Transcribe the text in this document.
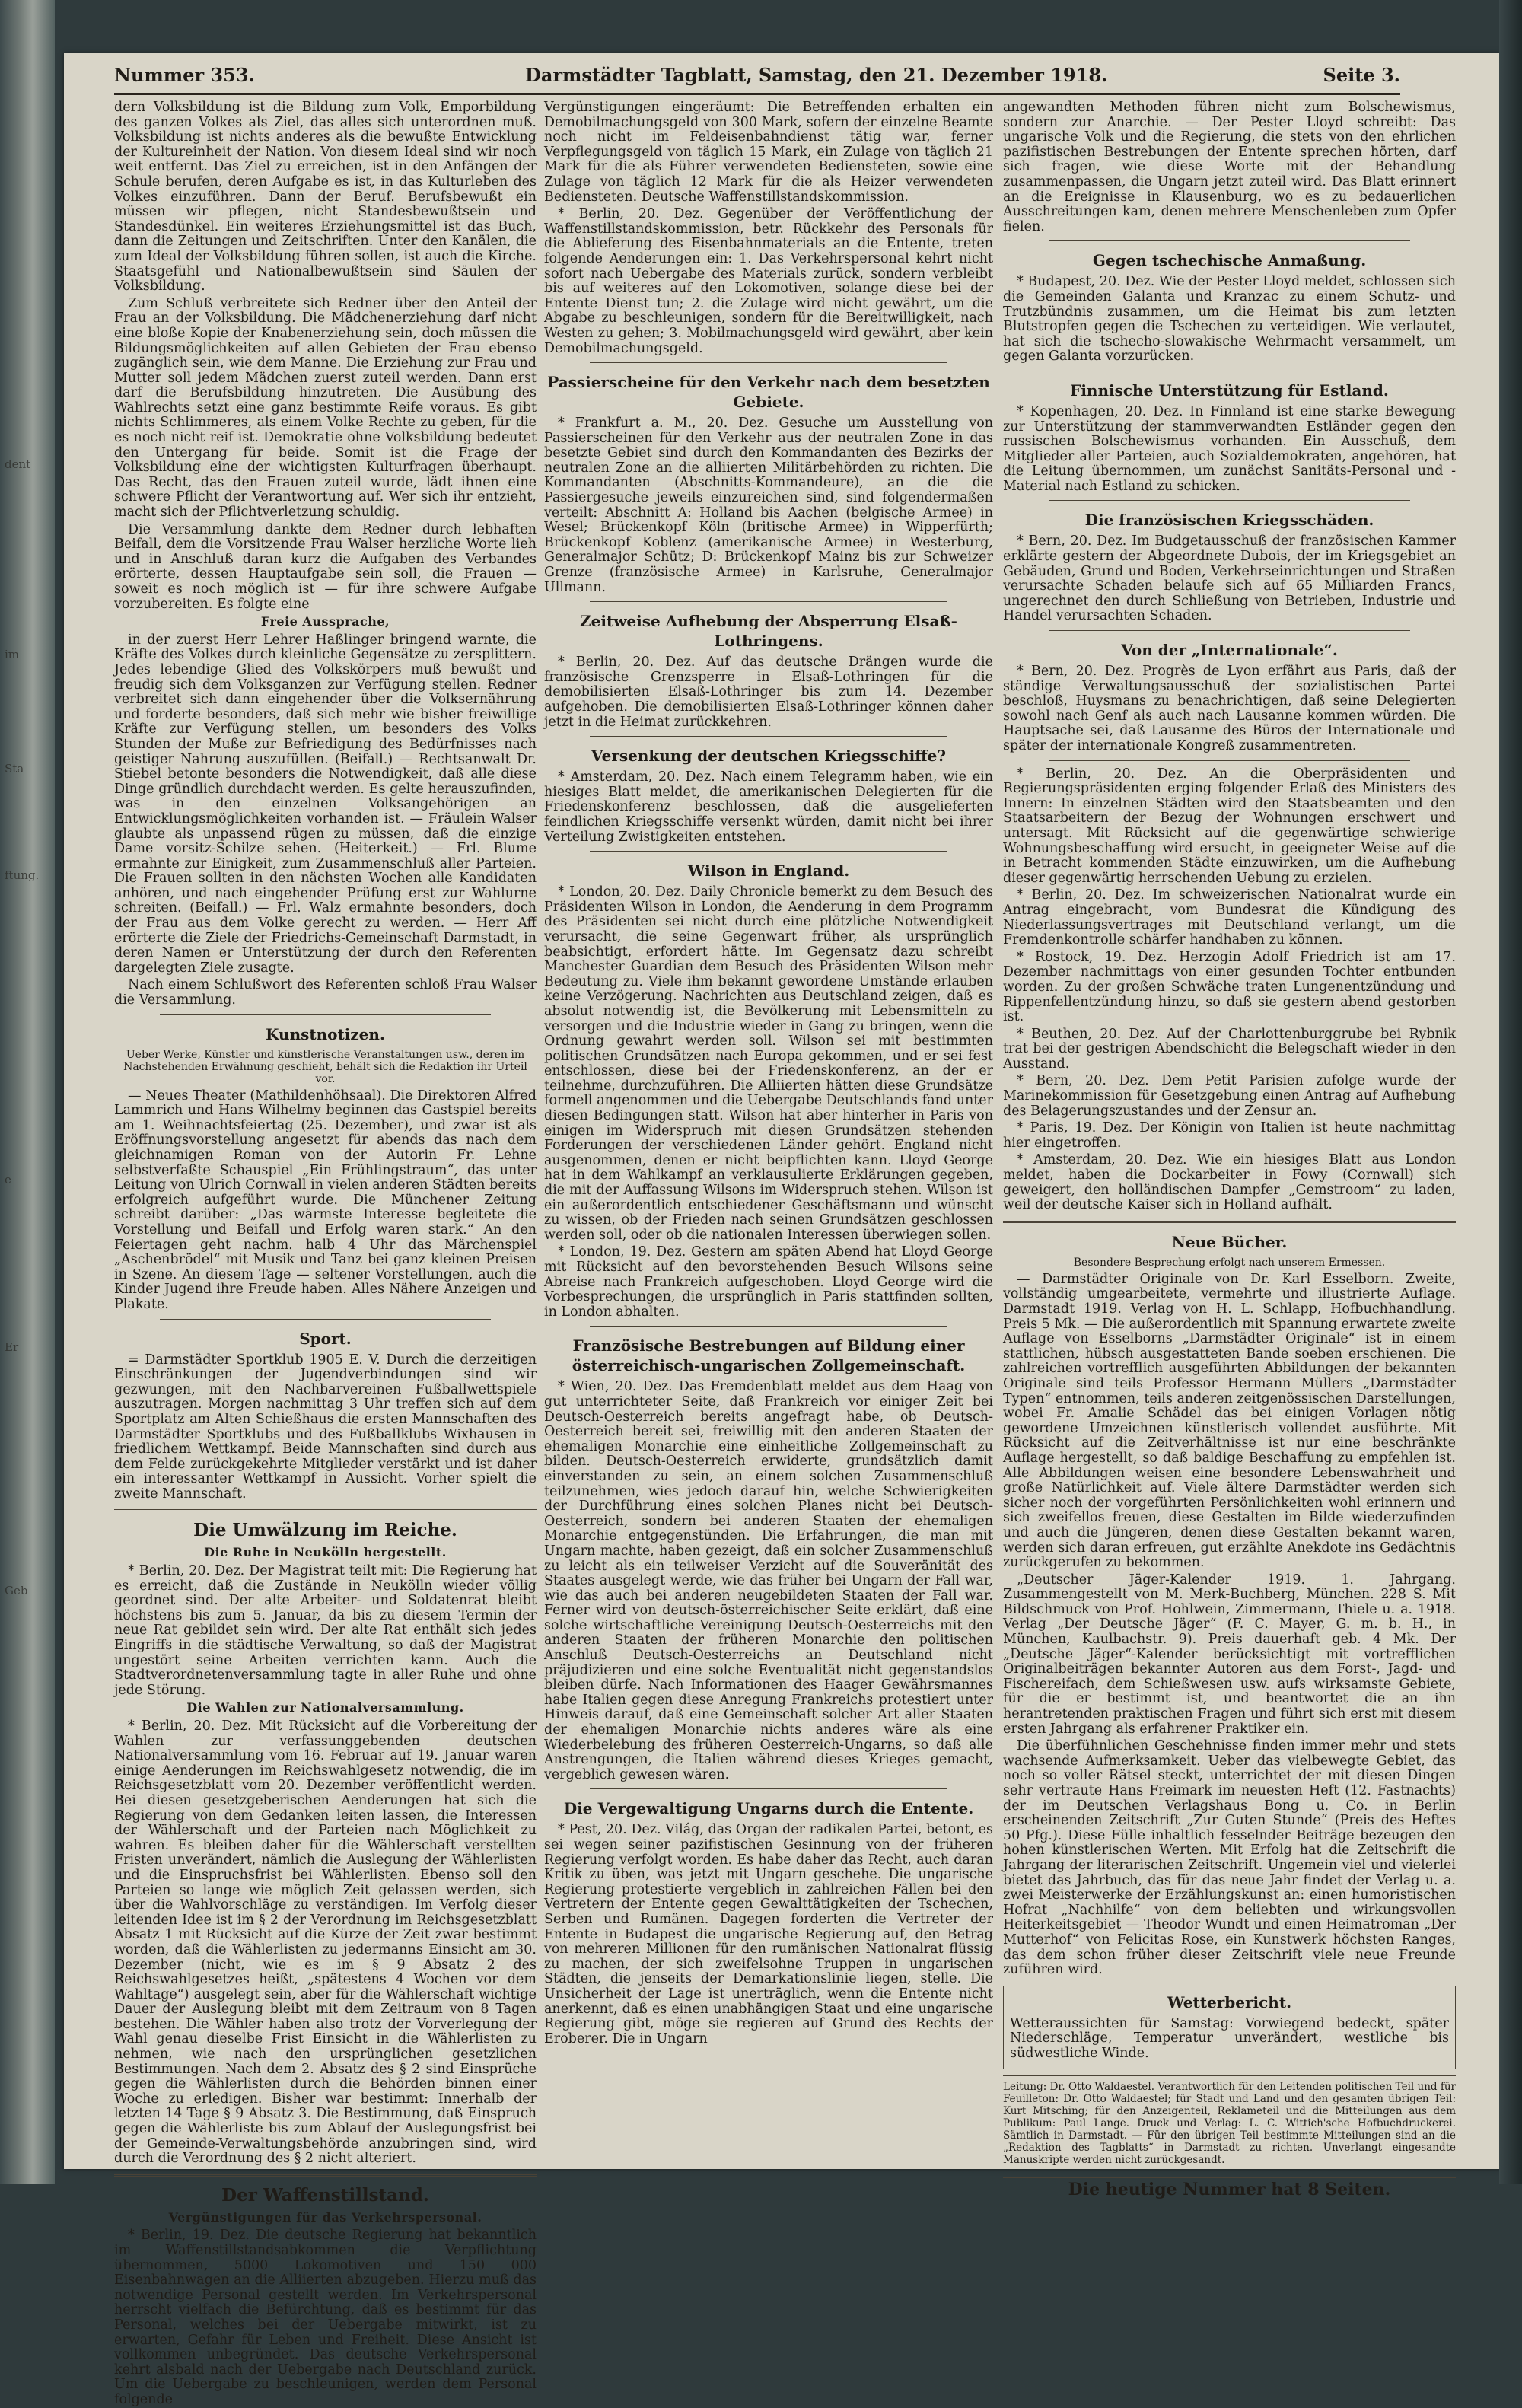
dent
im
Sta
ftung.
e
Er
Geb
Nummer 353.	Darmstädter Tagblatt, Samstag, den 21. Dezember 1918.	Seite 3.

dern Volksbildung ist die Bildung zum Volk, Emporbildung des ganzen Volkes als Ziel, das alles sich unterordnen muß. Volksbildung ist nichts anderes als die bewußte Entwicklung der Kultureinheit der Nation. Von diesem Ideal sind wir noch weit entfernt. Das Ziel zu erreichen, ist in den Anfängen der Schule berufen, deren Aufgabe es ist, in das Kulturleben des Volkes einzuführen. Dann der Beruf. Berufsbewußt ein müssen wir pflegen, nicht Standesbewußtsein und Standesdünkel. Ein weiteres Erziehungsmittel ist das Buch, dann die Zeitungen und Zeitschriften. Unter den Kanälen, die zum Ideal der Volksbildung führen sollen, ist auch die Kirche. Staatsgefühl und Nationalbewußtsein sind Säulen der Volksbildung.

Zum Schluß verbreitete sich Redner über den Anteil der Frau an der Volksbildung. Die Mädchenerziehung darf nicht eine bloße Kopie der Knabenerziehung sein, doch müssen die Bildungsmöglichkeiten auf allen Gebieten der Frau ebenso zugänglich sein, wie dem Manne. Die Erziehung zur Frau und Mutter soll jedem Mädchen zuerst zuteil werden. Dann erst darf die Berufsbildung hinzutreten. Die Ausübung des Wahlrechts setzt eine ganz bestimmte Reife voraus. Es gibt nichts Schlimmeres, als einem Volke Rechte zu geben, für die es noch nicht reif ist. Demokratie ohne Volksbildung bedeutet den Untergang für beide. Somit ist die Frage der Volksbildung eine der wichtigsten Kulturfragen überhaupt. Das Recht, das den Frauen zuteil wurde, lädt ihnen eine schwere Pflicht der Verantwortung auf. Wer sich ihr entzieht, macht sich der Pflichtverletzung schuldig.

Die Versammlung dankte dem Redner durch lebhaften Beifall, dem die Vorsitzende Frau Walser herzliche Worte lieh und in Anschluß daran kurz die Aufgaben des Verbandes erörterte, dessen Hauptaufgabe sein soll, die Frauen — soweit es noch möglich ist — für ihre schwere Aufgabe vorzubereiten. Es folgte eine

Freie Aussprache,

in der zuerst Herr Lehrer Haßlinger bringend warnte, die Kräfte des Volkes durch kleinliche Gegensätze zu zersplittern. Jedes lebendige Glied des Volkskörpers muß bewußt und freudig sich dem Volksganzen zur Verfügung stellen. Redner verbreitet sich dann eingehender über die Volksernährung und forderte besonders, daß sich mehr wie bisher freiwillige Kräfte zur Verfügung stellen, um besonders des Volks Stunden der Muße zur Befriedigung des Bedürfnisses nach geistiger Nahrung auszufüllen. (Beifall.) — Rechtsanwalt Dr. Stiebel betonte besonders die Notwendigkeit, daß alle diese Dinge gründlich durchdacht werden. Es gelte herauszufinden, was in den einzelnen Volksangehörigen an Entwicklungsmöglichkeiten vorhanden ist. — Fräulein Walser glaubte als unpassend rügen zu müssen, daß die einzige Dame vorsitz-Schilze sehen. (Heiterkeit.) — Frl. Blume ermahnte zur Einigkeit, zum Zusammenschluß aller Parteien. Die Frauen sollten in den nächsten Wochen alle Kandidaten anhören, und nach eingehender Prüfung erst zur Wahlurne schreiten. (Beifall.) — Frl. Walz ermahnte besonders, doch der Frau aus dem Volke gerecht zu werden. — Herr Aff erörterte die Ziele der Friedrichs-Gemeinschaft Darmstadt, in deren Namen er Unterstützung der durch den Referenten dargelegten Ziele zusagte.

Nach einem Schlußwort des Referenten schloß Frau Walser die Versammlung.

Kunstnotizen.
Ueber Werke, Künstler und künstlerische Veranstaltungen usw., deren im Nachstehenden Erwähnung geschieht, behält sich die Redaktion ihr Urteil vor.

— Neues Theater (Mathildenhöhsaal). Die Direktoren Alfred Lammrich und Hans Wilhelmy beginnen das Gastspiel bereits am 1. Weihnachtsfeiertag (25. Dezember), und zwar ist als Eröffnungsvorstellung angesetzt für abends das nach dem gleichnamigen Roman von der Autorin Fr. Lehne selbstverfaßte Schauspiel „Ein Frühlingstraum“, das unter Leitung von Ulrich Cornwall in vielen anderen Städten bereits erfolgreich aufgeführt wurde. Die Münchener Zeitung schreibt darüber: „Das wärmste Interesse begleitete die Vorstellung und Beifall und Erfolg waren stark.“ An den Feiertagen geht nachm. halb 4 Uhr das Märchenspiel „Aschenbrödel“ mit Musik und Tanz bei ganz kleinen Preisen in Szene. An diesem Tage — seltener Vorstellungen, auch die Kinder Jugend ihre Freude haben. Alles Nähere Anzeigen und Plakate.

Sport.

= Darmstädter Sportklub 1905 E. V. Durch die derzeitigen Einschränkungen der Jugendverbindungen sind wir gezwungen, mit den Nachbarvereinen Fußballwettspiele auszutragen. Morgen nachmittag 3 Uhr treffen sich auf dem Sportplatz am Alten Schießhaus die ersten Mannschaften des Darmstädter Sportklubs und des Fußballklubs Wixhausen in friedlichem Wettkampf. Beide Mannschaften sind durch aus dem Felde zurückgekehrte Mitglieder verstärkt und ist daher ein interessanter Wettkampf in Aussicht. Vorher spielt die zweite Mannschaft.

Die Umwälzung im Reiche.
Die Ruhe in Neukölln hergestellt.

* Berlin, 20. Dez. Der Magistrat teilt mit: Die Regierung hat es erreicht, daß die Zustände in Neukölln wieder völlig geordnet sind. Der alte Arbeiter- und Soldatenrat bleibt höchstens bis zum 5. Januar, da bis zu diesem Termin der neue Rat gebildet sein wird. Der alte Rat enthält sich jedes Eingriffs in die städtische Verwaltung, so daß der Magistrat ungestört seine Arbeiten verrichten kann. Auch die Stadtverordnetenversammlung tagte in aller Ruhe und ohne jede Störung.

Die Wahlen zur Nationalversammlung.

* Berlin, 20. Dez. Mit Rücksicht auf die Vorbereitung der Wahlen zur verfassunggebenden deutschen Nationalversammlung vom 16. Februar auf 19. Januar waren einige Aenderungen im Reichswahlgesetz notwendig, die im Reichsgesetzblatt vom 20. Dezember veröffentlicht werden. Bei diesen gesetzgeberischen Aenderungen hat sich die Regierung von dem Gedanken leiten lassen, die Interessen der Wählerschaft und der Parteien nach Möglichkeit zu wahren. Es bleiben daher für die Wählerschaft verstellten Fristen unverändert, nämlich die Auslegung der Wählerlisten und die Einspruchsfrist bei Wählerlisten. Ebenso soll den Parteien so lange wie möglich Zeit gelassen werden, sich über die Wahlvorschläge zu verständigen. Im Verfolg dieser leitenden Idee ist im § 2 der Verordnung im Reichsgesetzblatt Absatz 1 mit Rücksicht auf die Kürze der Zeit zwar bestimmt worden, daß die Wählerlisten zu jedermanns Einsicht am 30. Dezember (nicht, wie es im § 9 Absatz 2 des Reichswahlgesetzes heißt, „spätestens 4 Wochen vor dem Wahltage“) ausgelegt sein, aber für die Wählerschaft wichtige Dauer der Auslegung bleibt mit dem Zeitraum von 8 Tagen bestehen. Die Wähler haben also trotz der Vorverlegung der Wahl genau dieselbe Frist Einsicht in die Wählerlisten zu nehmen, wie nach den ursprünglichen gesetzlichen Bestimmungen. Nach dem 2. Absatz des § 2 sind Einsprüche gegen die Wählerlisten durch die Behörden binnen einer Woche zu erledigen. Bisher war bestimmt: Innerhalb der letzten 14 Tage § 9 Absatz 3. Die Bestimmung, daß Einspruch gegen die Wählerliste bis zum Ablauf der Auslegungsfrist bei der Gemeinde-Verwaltungsbehörde anzubringen sind, wird durch die Verordnung des § 2 nicht alteriert.

Der Waffenstillstand.
Vergünstigungen für das Verkehrspersonal.

* Berlin, 19. Dez. Die deutsche Regierung hat bekanntlich im Waffenstillstandsabkommen die Verpflichtung übernommen, 5000 Lokomotiven und 150 000 Eisenbahnwagen an die Alliierten abzugeben. Hierzu muß das notwendige Personal gestellt werden. Im Verkehrspersonal herrscht vielfach die Befürchtung, daß es bestimmt für das Personal, welches bei der Uebergabe mitwirkt, ist zu erwarten, Gefahr für Leben und Freiheit. Diese Ansicht ist vollkommen unbegründet. Das deutsche Verkehrspersonal kehrt alsbald nach der Uebergabe nach Deutschland zurück. Um die Uebergabe zu beschleunigen, werden dem Personal folgende

Vergünstigungen eingeräumt: Die Betreffenden erhalten ein Demobilmachungsgeld von 300 Mark, sofern der einzelne Beamte noch nicht im Feldeisenbahndienst tätig war, ferner Verpflegungsgeld von täglich 15 Mark, ein Zulage von täglich 21 Mark für die als Führer verwendeten Bediensteten, sowie eine Zulage von täglich 12 Mark für die als Heizer verwendeten Bediensteten. Deutsche Waffenstillstandskommission.

* Berlin, 20. Dez. Gegenüber der Veröffentlichung der Waffenstillstandskommission, betr. Rückkehr des Personals für die Ablieferung des Eisenbahnmaterials an die Entente, treten folgende Aenderungen ein: 1. Das Verkehrspersonal kehrt nicht sofort nach Uebergabe des Materials zurück, sondern verbleibt bis auf weiteres auf den Lokomotiven, solange diese bei der Entente Dienst tun; 2. die Zulage wird nicht gewährt, um die Abgabe zu beschleunigen, sondern für die Bereitwilligkeit, nach Westen zu gehen; 3. Mobilmachungsgeld wird gewährt, aber kein Demobilmachungsgeld.

Passierscheine für den Verkehr nach dem besetzten Gebiete.

* Frankfurt a. M., 20. Dez. Gesuche um Ausstellung von Passierscheinen für den Verkehr aus der neutralen Zone in das besetzte Gebiet sind durch den Kommandanten des Bezirks der neutralen Zone an die alliierten Militärbehörden zu richten. Die Kommandanten (Abschnitts-Kommandeure), an die die Passiergesuche jeweils einzureichen sind, sind folgendermaßen verteilt: Abschnitt A: Holland bis Aachen (belgische Armee) in Wesel; Brückenkopf Köln (britische Armee) in Wipperfürth; Brückenkopf Koblenz (amerikanische Armee) in Westerburg, Generalmajor Schütz; D: Brückenkopf Mainz bis zur Schweizer Grenze (französische Armee) in Karlsruhe, Generalmajor Ullmann.

Zeitweise Aufhebung der Absperrung Elsaß-Lothringens.

* Berlin, 20. Dez. Auf das deutsche Drängen wurde die französische Grenzsperre in Elsaß-Lothringen für die demobilisierten Elsaß-Lothringer bis zum 14. Dezember aufgehoben. Die demobilisierten Elsaß-Lothringer können daher jetzt in die Heimat zurückkehren.

Versenkung der deutschen Kriegsschiffe?

* Amsterdam, 20. Dez. Nach einem Telegramm haben, wie ein hiesiges Blatt meldet, die amerikanischen Delegierten für die Friedenskonferenz beschlossen, daß die ausgelieferten feindlichen Kriegsschiffe versenkt würden, damit nicht bei ihrer Verteilung Zwistigkeiten entstehen.

Wilson in England.

* London, 20. Dez. Daily Chronicle bemerkt zu dem Besuch des Präsidenten Wilson in London, die Aenderung in dem Programm des Präsidenten sei nicht durch eine plötzliche Notwendigkeit verursacht, die seine Gegenwart früher, als ursprünglich beabsichtigt, erfordert hätte. Im Gegensatz dazu schreibt Manchester Guardian dem Besuch des Präsidenten Wilson mehr Bedeutung zu. Viele ihm bekannt gewordene Umstände erlauben keine Verzögerung. Nachrichten aus Deutschland zeigen, daß es absolut notwendig ist, die Bevölkerung mit Lebensmitteln zu versorgen und die Industrie wieder in Gang zu bringen, wenn die Ordnung gewahrt werden soll. Wilson sei mit bestimmten politischen Grundsätzen nach Europa gekommen, und er sei fest entschlossen, diese bei der Friedenskonferenz, an der er teilnehme, durchzuführen. Die Alliierten hätten diese Grundsätze formell angenommen und die Uebergabe Deutschlands fand unter diesen Bedingungen statt. Wilson hat aber hinterher in Paris von einigen im Widerspruch mit diesen Grundsätzen stehenden Forderungen der verschiedenen Länder gehört. England nicht ausgenommen, denen er nicht beipflichten kann. Lloyd George hat in dem Wahlkampf an verklausulierte Erklärungen gegeben, die mit der Auffassung Wilsons im Widerspruch stehen. Wilson ist ein außerordentlich entschiedener Geschäftsmann und wünscht zu wissen, ob der Frieden nach seinen Grundsätzen geschlossen werden soll, oder ob die nationalen Interessen überwiegen sollen.

* London, 19. Dez. Gestern am späten Abend hat Lloyd George mit Rücksicht auf den bevorstehenden Besuch Wilsons seine Abreise nach Frankreich aufgeschoben. Lloyd George wird die Vorbesprechungen, die ursprünglich in Paris stattfinden sollten, in London abhalten.

Französische Bestrebungen auf Bildung einer österreichisch-ungarischen Zollgemeinschaft.

* Wien, 20. Dez. Das Fremdenblatt meldet aus dem Haag von gut unterrichteter Seite, daß Frankreich vor einiger Zeit bei Deutsch-Oesterreich bereits angefragt habe, ob Deutsch-Oesterreich bereit sei, freiwillig mit den anderen Staaten der ehemaligen Monarchie eine einheitliche Zollgemeinschaft zu bilden. Deutsch-Oesterreich erwiderte, grundsätzlich damit einverstanden zu sein, an einem solchen Zusammenschluß teilzunehmen, wies jedoch darauf hin, welche Schwierigkeiten der Durchführung eines solchen Planes nicht bei Deutsch-Oesterreich, sondern bei anderen Staaten der ehemaligen Monarchie entgegenstünden. Die Erfahrungen, die man mit Ungarn machte, haben gezeigt, daß ein solcher Zusammenschluß zu leicht als ein teilweiser Verzicht auf die Souveränität des Staates ausgelegt werde, wie das früher bei Ungarn der Fall war, wie das auch bei anderen neugebildeten Staaten der Fall war. Ferner wird von deutsch-österreichischer Seite erklärt, daß eine solche wirtschaftliche Vereinigung Deutsch-Oesterreichs mit den anderen Staaten der früheren Monarchie den politischen Anschluß Deutsch-Oesterreichs an Deutschland nicht präjudizieren und eine solche Eventualität nicht gegenstandslos bleiben dürfe. Nach Informationen des Haager Gewährsmannes habe Italien gegen diese Anregung Frankreichs protestiert unter Hinweis darauf, daß eine Gemeinschaft solcher Art aller Staaten der ehemaligen Monarchie nichts anderes wäre als eine Wiederbelebung des früheren Oesterreich-Ungarns, so daß alle Anstrengungen, die Italien während dieses Krieges gemacht, vergeblich gewesen wären.

Die Vergewaltigung Ungarns durch die Entente.

* Pest, 20. Dez. Világ, das Organ der radikalen Partei, betont, es sei wegen seiner pazifistischen Gesinnung von der früheren Regierung verfolgt worden. Es habe daher das Recht, auch daran Kritik zu üben, was jetzt mit Ungarn geschehe. Die ungarische Regierung protestierte vergeblich in zahlreichen Fällen bei den Vertretern der Entente gegen Gewalttätigkeiten der Tschechen, Serben und Rumänen. Dagegen forderten die Vertreter der Entente in Budapest die ungarische Regierung auf, den Betrag von mehreren Millionen für den rumänischen Nationalrat flüssig zu machen, der sich zweifelsohne Truppen in ungarischen Städten, die jenseits der Demarkationslinie liegen, stelle. Die Unsicherheit der Lage ist unerträglich, wenn die Entente nicht anerkennt, daß es einen unabhängigen Staat und eine ungarische Regierung gibt, möge sie regieren auf Grund des Rechts der Eroberer. Die in Ungarn

angewandten Methoden führen nicht zum Bolschewismus, sondern zur Anarchie. — Der Pester Lloyd schreibt: Das ungarische Volk und die Regierung, die stets von den ehrlichen pazifistischen Bestrebungen der Entente sprechen hörten, darf sich fragen, wie diese Worte mit der Behandlung zusammenpassen, die Ungarn jetzt zuteil wird. Das Blatt erinnert an die Ereignisse in Klausenburg, wo es zu bedauerlichen Ausschreitungen kam, denen mehrere Menschenleben zum Opfer fielen.

Gegen tschechische Anmaßung.

* Budapest, 20. Dez. Wie der Pester Lloyd meldet, schlossen sich die Gemeinden Galanta und Kranzac zu einem Schutz- und Trutzbündnis zusammen, um die Heimat bis zum letzten Blutstropfen gegen die Tschechen zu verteidigen. Wie verlautet, hat sich die tschecho-slowakische Wehrmacht versammelt, um gegen Galanta vorzurücken.

Finnische Unterstützung für Estland.

* Kopenhagen, 20. Dez. In Finnland ist eine starke Bewegung zur Unterstützung der stammverwandten Estländer gegen den russischen Bolschewismus vorhanden. Ein Ausschuß, dem Mitglieder aller Parteien, auch Sozialdemokraten, angehören, hat die Leitung übernommen, um zunächst Sanitäts-Personal und -Material nach Estland zu schicken.

Die französischen Kriegsschäden.

* Bern, 20. Dez. Im Budgetausschuß der französischen Kammer erklärte gestern der Abgeordnete Dubois, der im Kriegsgebiet an Gebäuden, Grund und Boden, Verkehrseinrichtungen und Straßen verursachte Schaden belaufe sich auf 65 Milliarden Francs, ungerechnet den durch Schließung von Betrieben, Industrie und Handel verursachten Schaden.

Von der „Internationale“.

* Bern, 20. Dez. Progrès de Lyon erfährt aus Paris, daß der ständige Verwaltungsausschuß der sozialistischen Partei beschloß, Huysmans zu benachrichtigen, daß seine Delegierten sowohl nach Genf als auch nach Lausanne kommen würden. Die Hauptsache sei, daß Lausanne des Büros der Internationale und später der internationale Kongreß zusammentreten.

* Berlin, 20. Dez. An die Oberpräsidenten und Regierungspräsidenten erging folgender Erlaß des Ministers des Innern: In einzelnen Städten wird den Staatsbeamten und den Staatsarbeitern der Bezug der Wohnungen erschwert und untersagt. Mit Rücksicht auf die gegenwärtige schwierige Wohnungsbeschaffung wird ersucht, in geeigneter Weise auf die in Betracht kommenden Städte einzuwirken, um die Aufhebung dieser gegenwärtig herrschenden Uebung zu erzielen.

* Berlin, 20. Dez. Im schweizerischen Nationalrat wurde ein Antrag eingebracht, vom Bundesrat die Kündigung des Niederlassungsvertrages mit Deutschland verlangt, um die Fremdenkontrolle schärfer handhaben zu können.

* Rostock, 19. Dez. Herzogin Adolf Friedrich ist am 17. Dezember nachmittags von einer gesunden Tochter entbunden worden. Zu der großen Schwäche traten Lungenentzündung und Rippenfellentzündung hinzu, so daß sie gestern abend gestorben ist.

* Beuthen, 20. Dez. Auf der Charlottenburggrube bei Rybnik trat bei der gestrigen Abendschicht die Belegschaft wieder in den Ausstand.

* Bern, 20. Dez. Dem Petit Parisien zufolge wurde der Marinekommission für Gesetzgebung einen Antrag auf Aufhebung des Belagerungszustandes und der Zensur an.

* Paris, 19. Dez. Der Königin von Italien ist heute nachmittag hier eingetroffen.

* Amsterdam, 20. Dez. Wie ein hiesiges Blatt aus London meldet, haben die Dockarbeiter in Fowy (Cornwall) sich geweigert, den holländischen Dampfer „Gemstroom“ zu laden, weil der deutsche Kaiser sich in Holland aufhält.

Neue Bücher.
Besondere Besprechung erfolgt nach unserem Ermessen.

— Darmstädter Originale von Dr. Karl Esselborn. Zweite, vollständig umgearbeitete, vermehrte und illustrierte Auflage. Darmstadt 1919. Verlag von H. L. Schlapp, Hofbuchhandlung. Preis 5 Mk. — Die außerordentlich mit Spannung erwartete zweite Auflage von Esselborns „Darmstädter Originale“ ist in einem stattlichen, hübsch ausgestatteten Bande soeben erschienen. Die zahlreichen vortrefflich ausgeführten Abbildungen der bekannten Originale sind teils Professor Hermann Müllers „Darmstädter Typen“ entnommen, teils anderen zeitgenössischen Darstellungen, wobei Fr. Amalie Schädel das bei einigen Vorlagen nötig gewordene Umzeichnen künstlerisch vollendet ausführte. Mit Rücksicht auf die Zeitverhältnisse ist nur eine beschränkte Auflage hergestellt, so daß baldige Beschaffung zu empfehlen ist. Alle Abbildungen weisen eine besondere Lebenswahrheit und große Natürlichkeit auf. Viele ältere Darmstädter werden sich sicher noch der vorgeführten Persönlichkeiten wohl erinnern und sich zweifellos freuen, diese Gestalten im Bilde wiederzufinden und auch die Jüngeren, denen diese Gestalten bekannt waren, werden sich daran erfreuen, gut erzählte Anekdote ins Gedächtnis zurückgerufen zu bekommen.

„Deutscher Jäger-Kalender 1919. 1. Jahrgang. Zusammengestellt von M. Merk-Buchberg, München. 228 S. Mit Bildschmuck von Prof. Hohlwein, Zimmermann, Thiele u. a. 1918. Verlag „Der Deutsche Jäger“ (F. C. Mayer, G. m. b. H., in München, Kaulbachstr. 9). Preis dauerhaft geb. 4 Mk. Der „Deutsche Jäger“-Kalender berücksichtigt mit vortrefflichen Originalbeiträgen bekannter Autoren aus dem Forst-, Jagd- und Fischereifach, dem Schießwesen usw. aufs wirksamste Gebiete, für die er bestimmt ist, und beantwortet die an ihn herantretenden praktischen Fragen und führt sich erst mit diesem ersten Jahrgang als erfahrener Praktiker ein.

Die überfühnlichen Geschehnisse finden immer mehr und stets wachsende Aufmerksamkeit. Ueber das vielbewegte Gebiet, das noch so voller Rätsel steckt, unterrichtet der mit diesen Dingen sehr vertraute Hans Freimark im neuesten Heft (12. Fastnachts) der im Deutschen Verlagshaus Bong u. Co. in Berlin erscheinenden Zeitschrift „Zur Guten Stunde“ (Preis des Heftes 50 Pfg.). Diese Fülle inhaltlich fesselnder Beiträge bezeugen den hohen künstlerischen Werten. Mit Erfolg hat die Zeitschrift die Jahrgang der literarischen Zeitschrift. Ungemein viel und vielerlei bietet das Jahrbuch, das für das neue Jahr findet der Verlag u. a. zwei Meisterwerke der Erzählungskunst an: einen humoristischen Hofrat „Nachhilfe“ von dem beliebten und wirkungsvollen Heiterkeitsgebiet — Theodor Wundt und einen Heimatroman „Der Mutterhof“ von Felicitas Rose, ein Kunstwerk höchsten Ranges, das dem schon früher dieser Zeitschrift viele neue Freunde zuführen wird.

Wetterbericht.

Wetteraussichten für Samstag: Vorwiegend bedeckt, später Niederschläge, Temperatur unverändert, westliche bis südwestliche Winde.

Leitung: Dr. Otto Waldaestel. Verantwortlich für den Leitenden politischen Teil und für Feuilleton: Dr. Otto Waldaestel; für Stadt und Land und den gesamten übrigen Teil: Kurt Mitsching; für den Anzeigenteil, Reklameteil und die Mitteilungen aus dem Publikum: Paul Lange. Druck und Verlag: L. C. Wittich'sche Hofbuchdruckerei. Sämtlich in Darmstadt. — Für den übrigen Teil bestimmte Mitteilungen sind an die „Redaktion des Tagblatts“ in Darmstadt zu richten. Unverlangt eingesandte Manuskripte werden nicht zurückgesandt.
Die heutige Nummer hat 8 Seiten.
